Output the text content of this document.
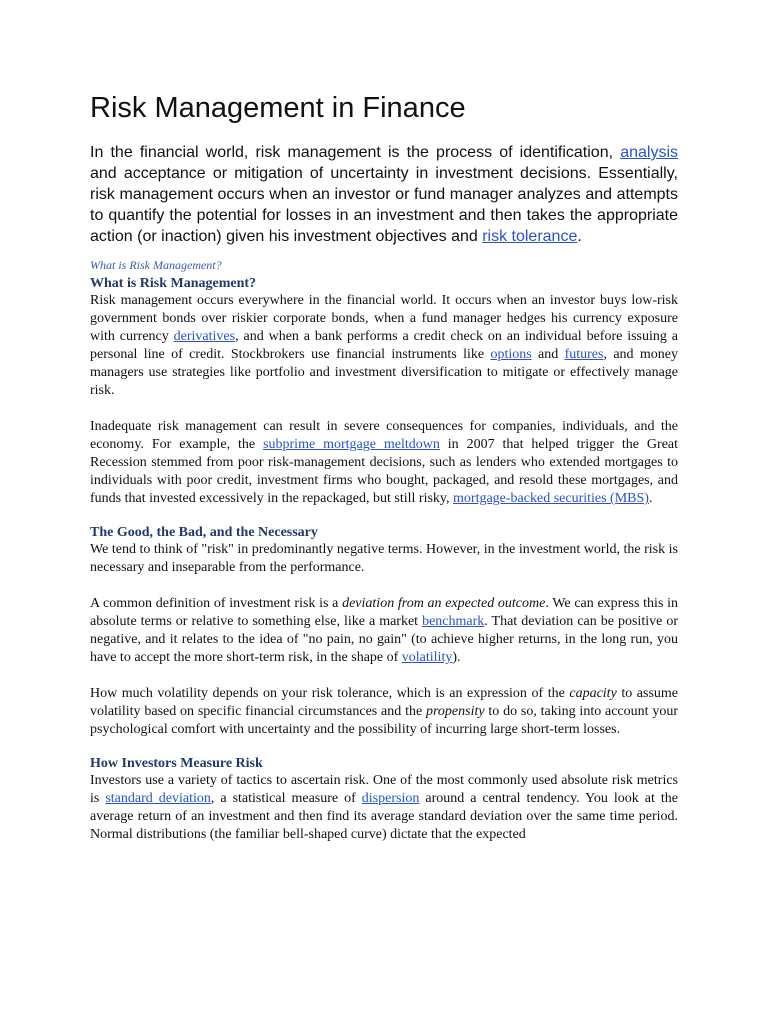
Risk Management in Finance

In the financial world, risk management is the process of identification, analysis and acceptance or mitigation of uncertainty in investment decisions. Essentially, risk management occurs when an investor or fund manager analyzes and attempts to quantify the potential for losses in an investment and then takes the appropriate action (or inaction) given his investment objectives and risk tolerance.

What is Risk Management?
What is Risk Management?

Risk management occurs everywhere in the financial world. It occurs when an investor buys low-risk government bonds over riskier corporate bonds, when a fund manager hedges his currency exposure with currency derivatives, and when a bank performs a credit check on an individual before issuing a personal line of credit. Stockbrokers use financial instruments like options and futures, and money managers use strategies like portfolio and investment diversification to mitigate or effectively manage risk.

Inadequate risk management can result in severe consequences for companies, individuals, and the economy. For example, the subprime mortgage meltdown in 2007 that helped trigger the Great Recession stemmed from poor risk-management decisions, such as lenders who extended mortgages to individuals with poor credit, investment firms who bought, packaged, and resold these mortgages, and funds that invested excessively in the repackaged, but still risky, mortgage-backed securities (MBS).

The Good, the Bad, and the Necessary

We tend to think of "risk" in predominantly negative terms. However, in the investment world, the risk is necessary and inseparable from the performance.

A common definition of investment risk is a deviation from an expected outcome. We can express this in absolute terms or relative to something else, like a market benchmark. That deviation can be positive or negative, and it relates to the idea of "no pain, no gain" (to achieve higher returns, in the long run, you have to accept the more short-term risk, in the shape of volatility).

How much volatility depends on your risk tolerance, which is an expression of the capacity to assume volatility based on specific financial circumstances and the propensity to do so, taking into account your psychological comfort with uncertainty and the possibility of incurring large short-term losses.

How Investors Measure Risk

Investors use a variety of tactics to ascertain risk. One of the most commonly used absolute risk metrics is standard deviation, a statistical measure of dispersion around a central tendency. You look at the average return of an investment and then find its average standard deviation over the same time period. Normal distributions (the familiar bell-shaped curve) dictate that the expected
